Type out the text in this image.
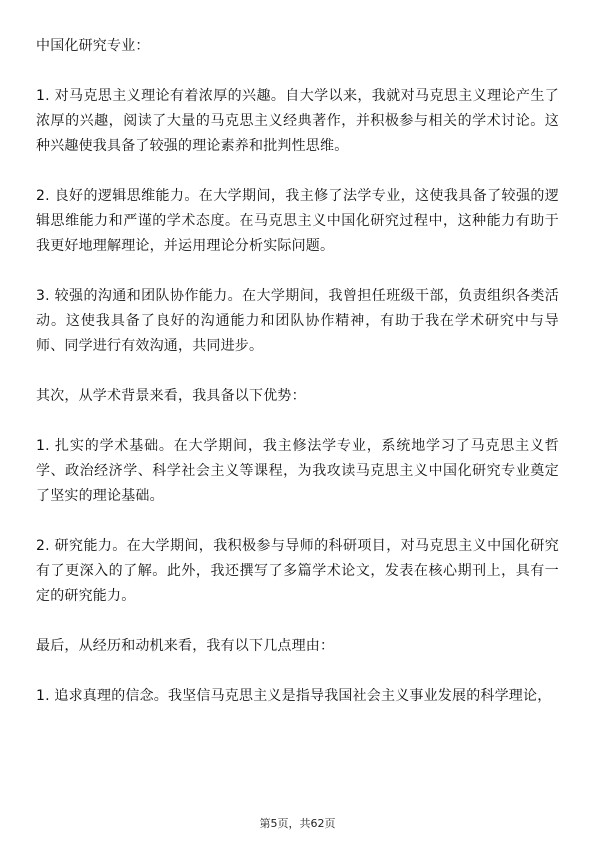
中国化研究专业：

1. 对马克思主义理论有着浓厚的兴趣。自大学以来，我就对马克思主义理论产生了浓厚的兴趣，阅读了大量的马克思主义经典著作，并积极参与相关的学术讨论。这种兴趣使我具备了较强的理论素养和批判性思维。

2. 良好的逻辑思维能力。在大学期间，我主修了法学专业，这使我具备了较强的逻辑思维能力和严谨的学术态度。在马克思主义中国化研究过程中，这种能力有助于我更好地理解理论，并运用理论分析实际问题。

3. 较强的沟通和团队协作能力。在大学期间，我曾担任班级干部，负责组织各类活动。这使我具备了良好的沟通能力和团队协作精神，有助于我在学术研究中与导师、同学进行有效沟通，共同进步。

其次，从学术背景来看，我具备以下优势：

1. 扎实的学术基础。在大学期间，我主修法学专业，系统地学习了马克思主义哲学、政治经济学、科学社会主义等课程，为我攻读马克思主义中国化研究专业奠定了坚实的理论基础。

2. 研究能力。在大学期间，我积极参与导师的科研项目，对马克思主义中国化研究有了更深入的了解。此外，我还撰写了多篇学术论文，发表在核心期刊上，具有一定的研究能力。

最后，从经历和动机来看，我有以下几点理由：

1. 追求真理的信念。我坚信马克思主义是指导我国社会主义事业发展的科学理论，

第5页，共62页
